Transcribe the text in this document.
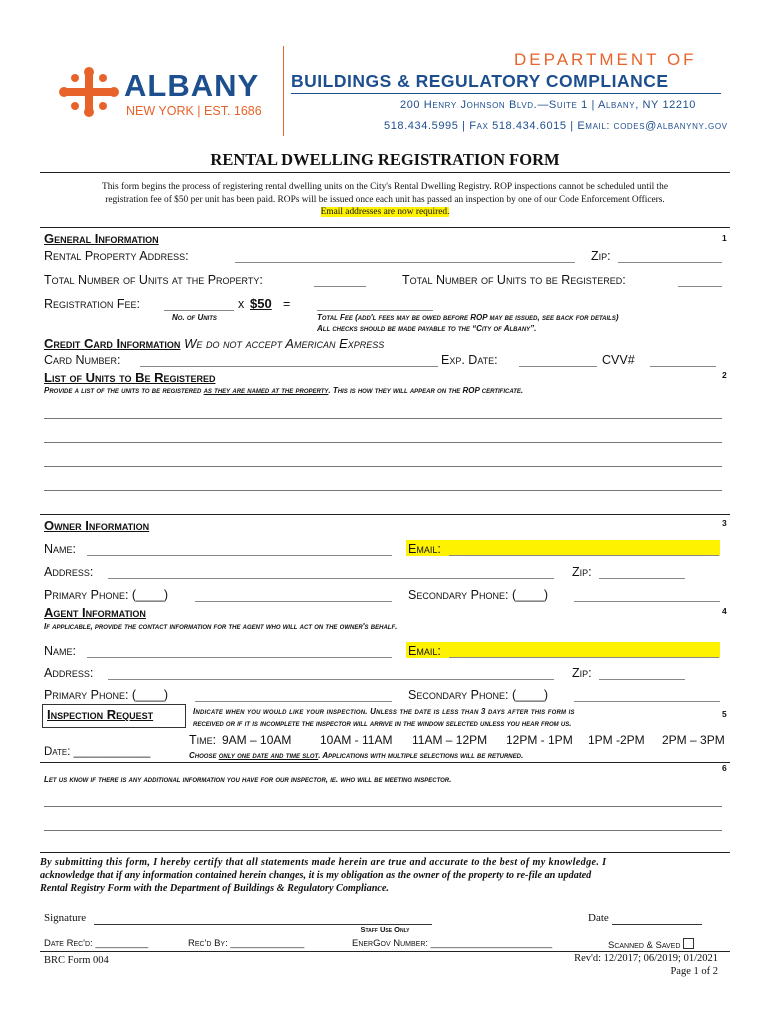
ALBANY
NEW YORK | EST. 1686
DEPARTMENT OF
BUILDINGS & REGULATORY COMPLIANCE
200 Henry Johnson Blvd.—Suite 1 | Albany, NY 12210
518.434.5995 | Fax 518.434.6015 | Email: codes@albanyny.gov
RENTAL DWELLING REGISTRATION FORM
This form begins the process of registering rental dwelling units on the City's Rental Dwelling Registry. ROP inspections cannot be scheduled until the
registration fee of $50 per unit has been paid. ROPs will be issued once each unit has passed an inspection by one of our Code Enforcement Officers.
Email addresses are now required.
General Information	1
Rental Property Address:	Zip:
Total Number of Units at the Property:	Total Number of Units to be Registered:
Registration Fee:	x $50 =
No. of Units	Total Fee (add'l fees may be owed before ROP may be issued, see back for details)
All checks should be made payable to the “City of Albany”.
Credit Card Information We do not accept American Express
Card Number:	Exp. Date:	CVV#
List of Units to Be Registered	2
Provide a list of the units to be registered as they are named at the property. This is how they will appear on the ROP certificate.
Owner Information	3
Name:	Email:
Address:	Zip:
Primary Phone: (____)	Secondary Phone: (____)
Agent Information	4
If applicable, provide the contact information for the agent who will act on the owner's behalf.
Name:	Email:
Address:	Zip:
Primary Phone: (____)	Secondary Phone: (____)
Inspection Request	Indicate when you would like your inspection. Unless the date is less than 3 days after this form is
received or if it is incomplete the inspector will arrive in the window selected unless you hear from us.
5
Time: 9AM – 10AM 10AM - 11AM 11AM – 12PM 12PM - 1PM 1PM -2PM 2PM – 3PM
Date: ____________	Choose only one date and time slot. Applications with multiple selections will be returned.
6
Let us know if there is any additional information you have for our inspector, ie. who will be meeting inspector.
By submitting this form, I hereby certify that all statements made herein are true and accurate to the best of my knowledge. I
acknowledge that if any information contained herein changes, it is my obligation as the owner of the property to re-file an updated
Rental Registry Form with the Department of Buildings & Regulatory Compliance.
Signature	Date
Staff Use Only
Date Rec'd: __________	Rec'd By: ______________	EnerGov Number: _______________________	Scanned & Saved
BRC Form 004	Rev'd: 12/2017; 06/2019; 01/2021
Page 1 of 2
